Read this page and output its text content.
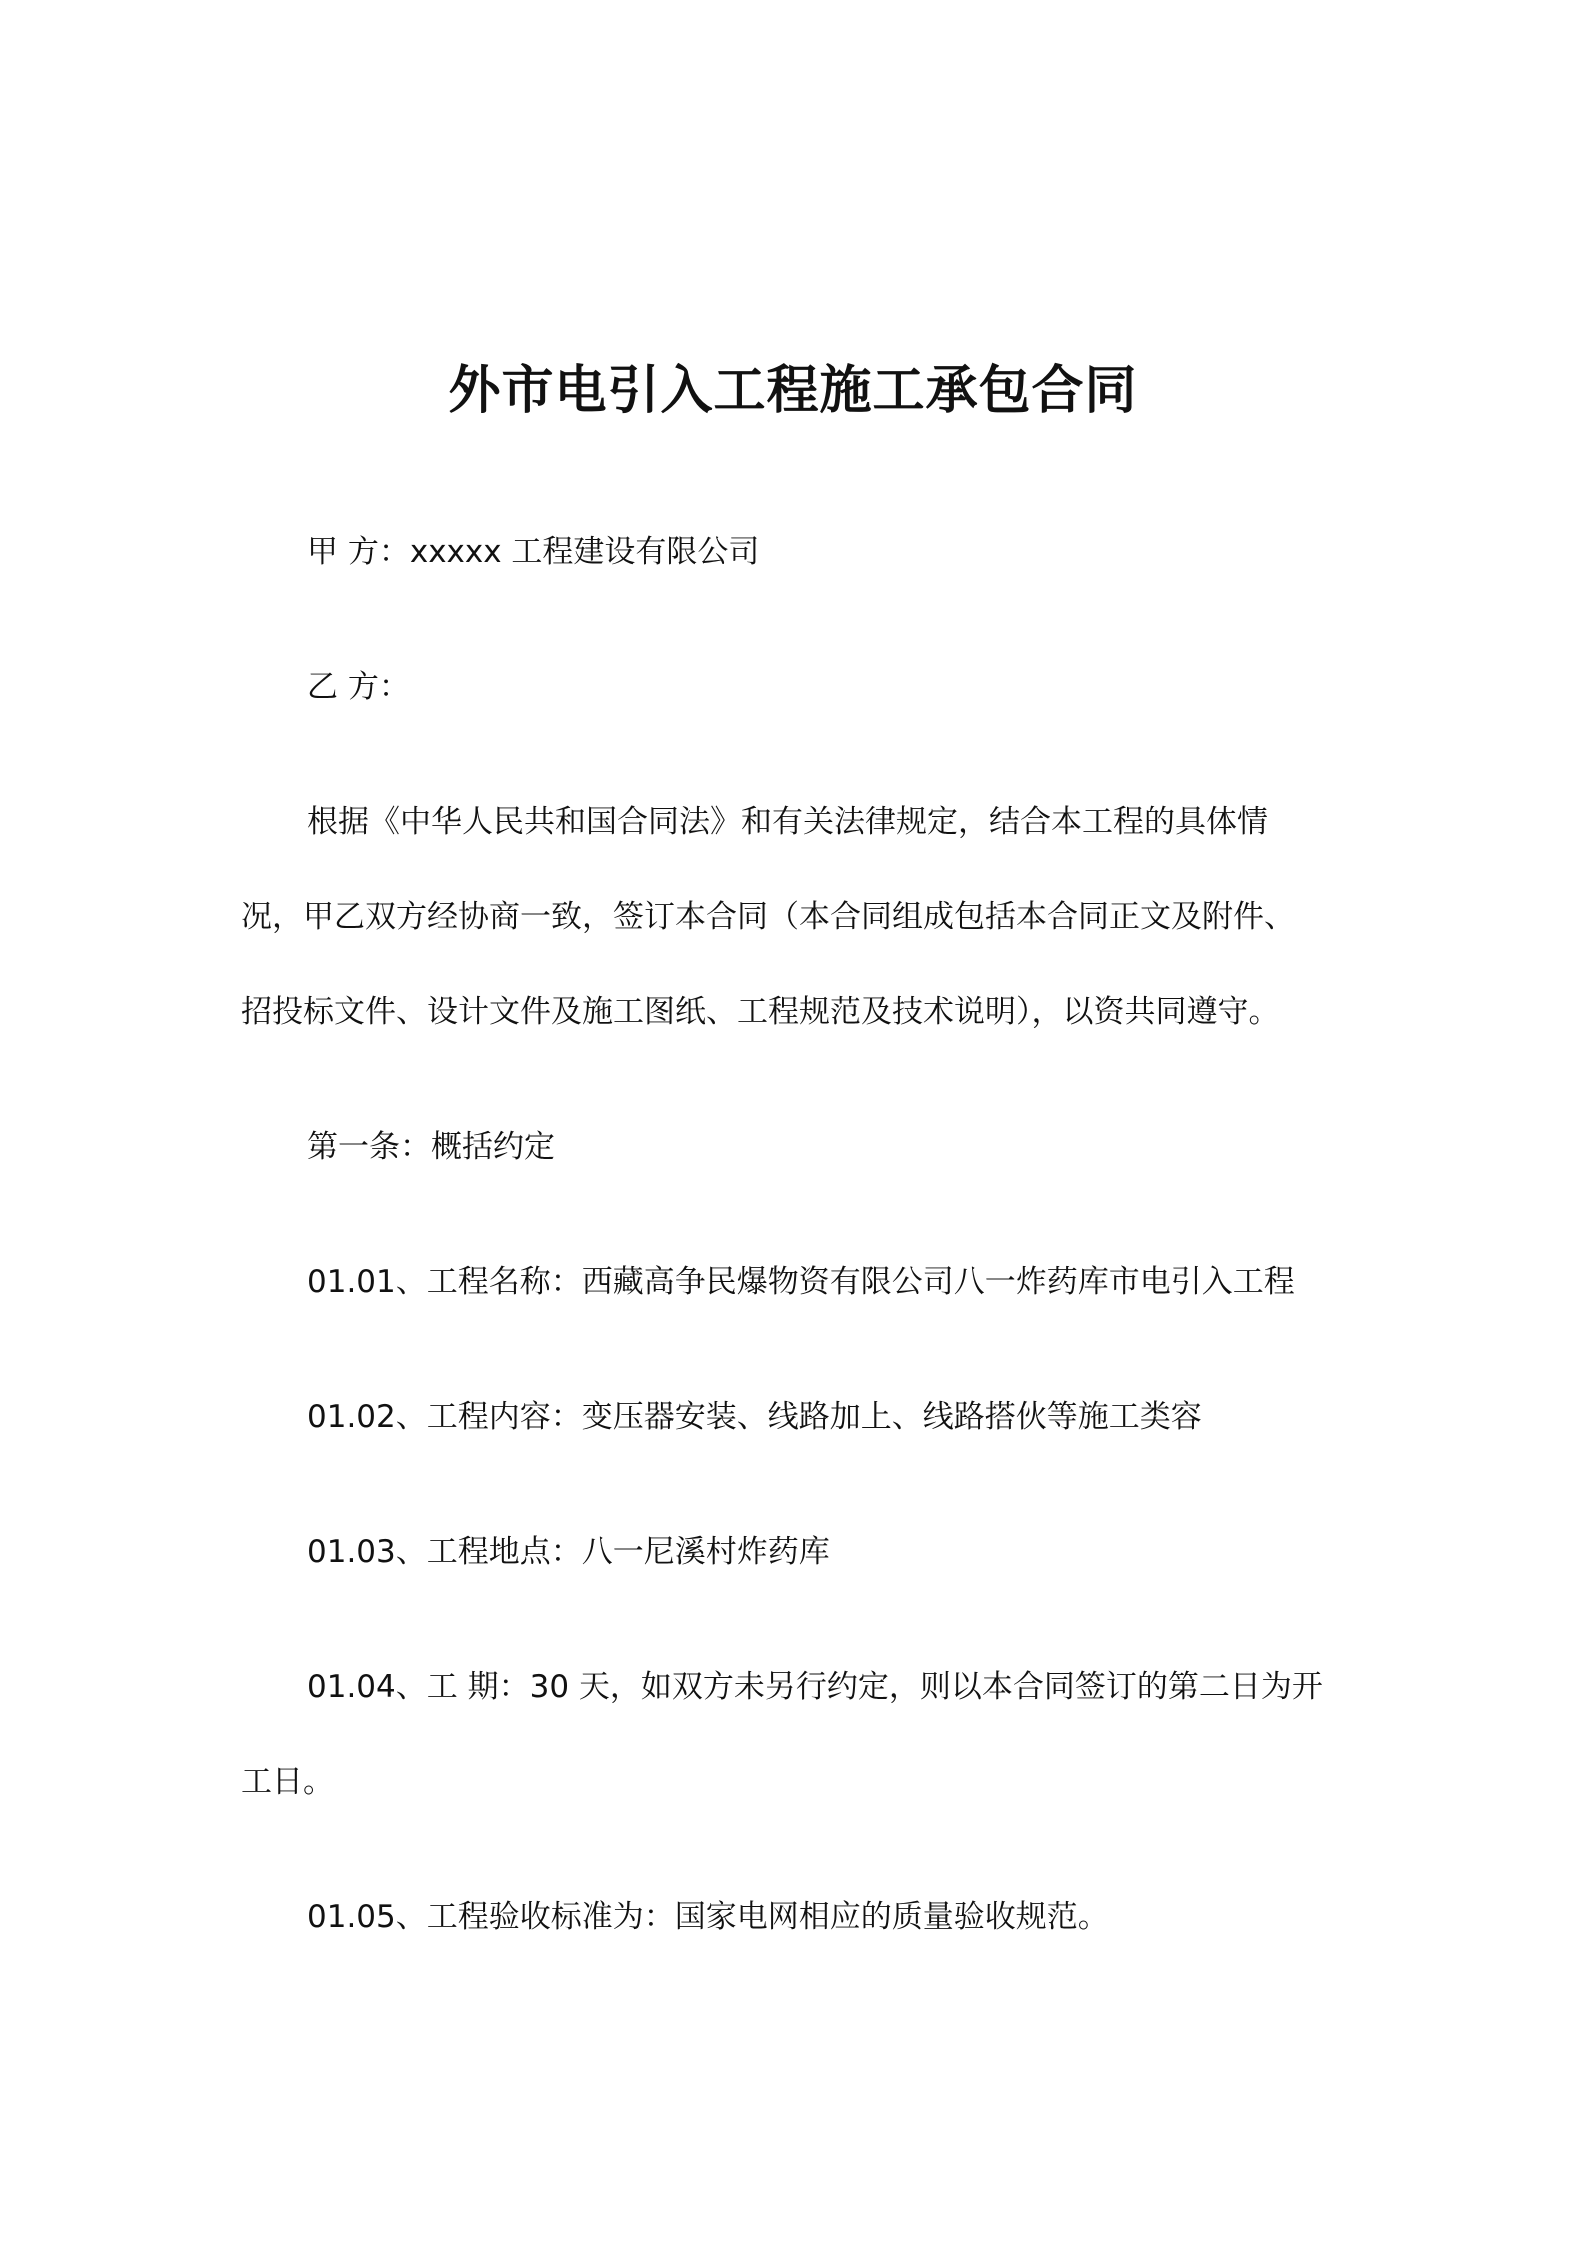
外市电引入工程施工承包合同
甲 方：xxxxx 工程建设有限公司
乙 方：
根据《中华人民共和国合同法》和有关法律规定，结合本工程的具体情
况，甲乙双方经协商一致，签订本合同（本合同组成包括本合同正文及附件、
招投标文件、设计文件及施工图纸、工程规范及技术说明），以资共同遵守。
第一条：概括约定
01.01、工程名称：西藏高争民爆物资有限公司八一炸药库市电引入工程
01.02、工程内容：变压器安装、线路加上、线路搭伙等施工类容
01.03、工程地点：八一尼溪村炸药库
01.04、工 期：30 天，如双方未另行约定，则以本合同签订的第二日为开
工日。
01.05、工程验收标准为：国家电网相应的质量验收规范。
